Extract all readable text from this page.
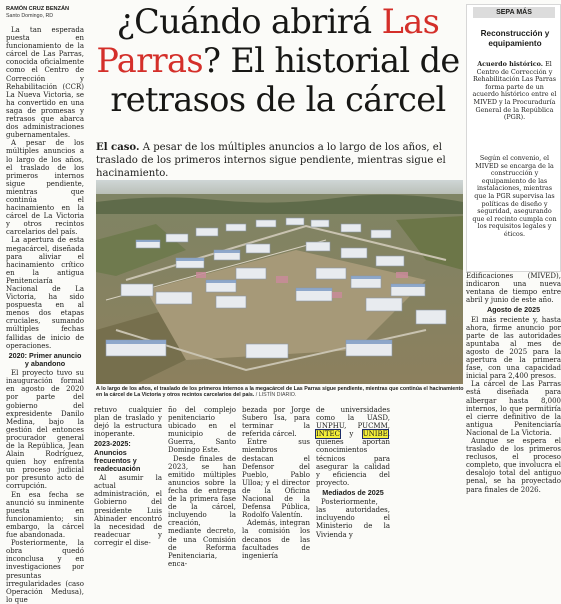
RAMÓN CRUZ BENZÁN
Santo Domingo, RD

La tan esperada puesta en funcionamiento de la cárcel de Las Parras, conocida oficialmente como el Centro de Corrección y Rehabilitación (CCR) La Nueva Victoria, se ha convertido en una saga de promesas y retrasos que abarca dos administraciones gubernamentales.

A pesar de los múltiples anuncios a lo largo de los años, el traslado de los primeros internos sigue pendiente, mientras que continúa el hacinamiento en la cárcel de La Victoria y otros recintos carcelarios del país.

La apertura de esta megacárcel, diseñada para aliviar el hacinamiento crítico en la antigua Penitenciaría Nacional de La Victoria, ha sido pospuesta en al menos dos etapas cruciales, sumando múltiples fechas fallidas de inicio de operaciones.

2020: Primer anuncio y abandono

El proyecto tuvo su inauguración formal en agosto de 2020 por parte del gobierno del expresidente Danilo Medina, bajo la gestión del entonces procurador general de la República, Jean Alain Rodríguez, quien hoy enfrenta un proceso judicial por presunto acto de corrupción.

En esa fecha se anunció su inminente puesta en funcionamiento; sin embargo, la cárcel fue abandonada.

Posteriormente, la obra quedó inconclusa y en investigaciones por presuntas irregularidades (caso Operación Medusa), lo que

¿Cuándo abrirá Las Parras? El historial de retrasos de la cárcel
El caso. A pesar de los múltiples anuncios a lo largo de los años, el traslado de los primeros internos sigue pendiente, mientras sigue el hacinamiento.
A lo largo de los años, el traslado de los primeros internos a la megacárcel de Las Parras sigue pendiente, mientras que continúa el hacinamiento en la cárcel de La Victoria y otros recintos carcelarios del país. / LISTÍN DIARIO.

retuvo cualquier plan de traslado y dejó la estructura inoperante.

2023-2025: Anuncios frecuentos y readecuación

Al asumir la actual administración, el Gobierno del presidente Luis Abinader encontró la necesidad de readecuar y corregir el dise-

ño del complejo penitenciario ubicado en el municipio de Guerra, Santo Domingo Este.

Desde finales de 2023, se han emitido múltiples anuncios sobre la fecha de entrega de la primera fase de la cárcel, incluyendo la creación, mediante decreto, de una Comisión de Reforma Penitenciaria, enca-

bezada por Jorge Subero Isa, para terminar la referida cárcel.

Entre sus miembros destacan el Defensor del Pueblo, Pablo Ulloa; y el director de la Oficina Nacional de la Defensa Pública, Rodolfo Valentín.

Además, integran la comisión los decanos de las facultades de ingeniería

de universidades como la UASD, UNPHU, PUCMM, INTEC y UNIBE, quienes aportan conocimientos técnicos para asegurar la calidad y eficiencia del proyecto.

Mediados de 2025

Posteriormente, las autoridades, incluyendo el Ministerio de la Vivienda y

SEPA MÁS
Reconstrucción y equipamiento
Acuerdo histórico. El Centro de Corrección y Rehabilitación Las Parras forma parte de un acuerdo histórico entre el MIVED y la Procuraduría General de la República (PGR).
Según el convenio, el MIVED se encarga de la construcción y equipamiento de las instalaciones, mientras que la PGR supervisa las políticas de diseño y seguridad, asegurando que el recinto cumpla con los requisitos legales y éticos.

Edificaciones (MIVED), indicaron una nueva ventana de tiempo entre abril y junio de este año.

Agosto de 2025

El más reciente y, hasta ahora, firme anuncio por parte de las autoridades apuntaba al mes de agosto de 2025 para la apertura de la primera fase, con una capacidad inicial para 2,400 presos.

La cárcel de Las Parras está diseñada para albergar hasta 8,000 internos, lo que permitiría el cierre definitivo de la antigua Penitenciaría Nacional de La Victoria.

Aunque se espera el traslado de los primeros reclusos, el proceso completo, que involucra el desalojo total del antiguo penal, se ha proyectado para finales de 2026.
